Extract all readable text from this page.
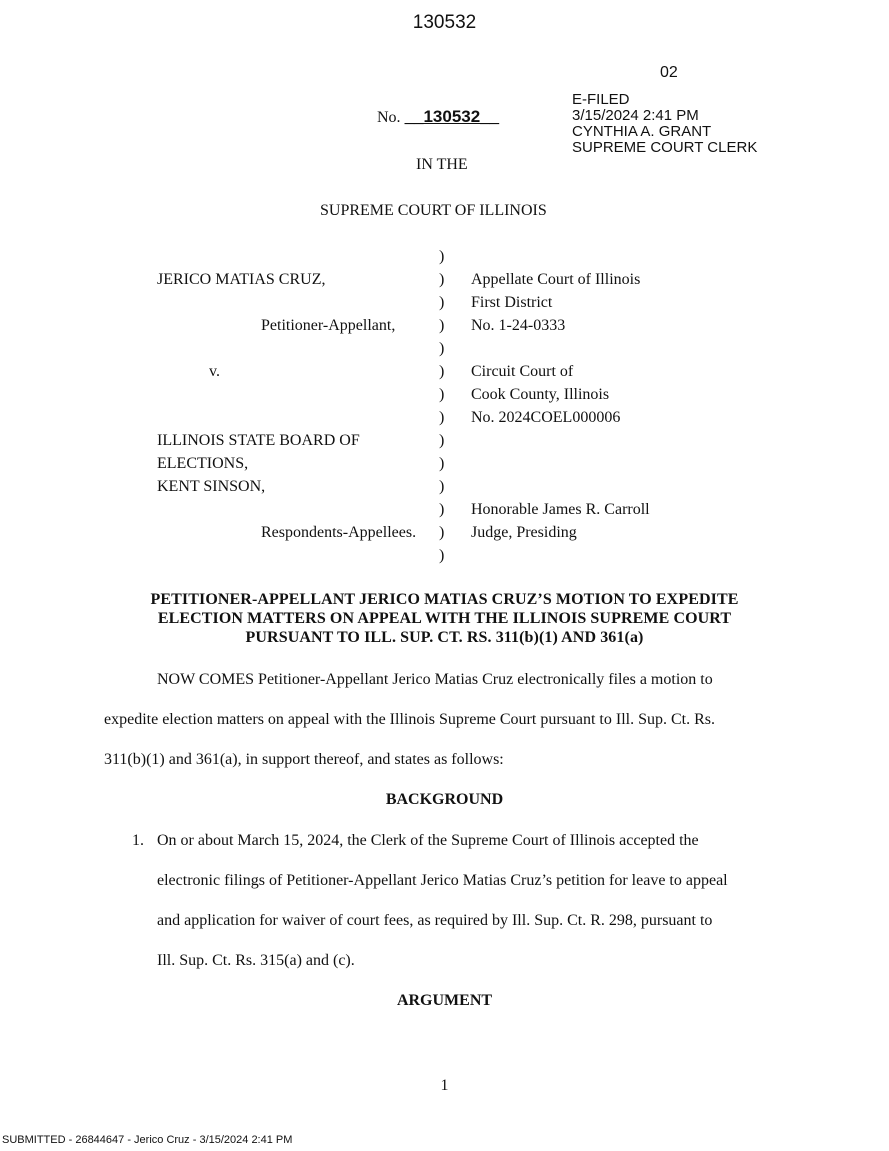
130532
02
No. __130532__
E-FILED
3/15/2024 2:41 PM
CYNTHIA A. GRANT
SUPREME COURT CLERK
IN THE
SUPREME COURT OF ILLINOIS
)
)
)
)
)
)
)
)
)
)
)
)
)
)
JERICO MATIAS CRUZ,
Petitioner-Appellant,
v.
ILLINOIS STATE BOARD OF
ELECTIONS,
KENT SINSON,
Respondents-Appellees.
Appellate Court of Illinois
First District
No. 1-24-0333
Circuit Court of
Cook County, Illinois
No. 2024COEL000006
Honorable James R. Carroll
Judge, Presiding
PETITIONER-APPELLANT JERICO MATIAS CRUZ’S MOTION TO EXPEDITE
ELECTION MATTERS ON APPEAL WITH THE ILLINOIS SUPREME COURT
PURSUANT TO ILL. SUP. CT. RS. 311(b)(1) AND 361(a)
NOW COMES Petitioner-Appellant Jerico Matias Cruz electronically files a motion to
expedite election matters on appeal with the Illinois Supreme Court pursuant to Ill. Sup. Ct. Rs.
311(b)(1) and 361(a), in support thereof, and states as follows:
BACKGROUND
1. On or about March 15, 2024, the Clerk of the Supreme Court of Illinois accepted the
electronic filings of Petitioner-Appellant Jerico Matias Cruz’s petition for leave to appeal
and application for waiver of court fees, as required by Ill. Sup. Ct. R. 298, pursuant to
Ill. Sup. Ct. Rs. 315(a) and (c).
ARGUMENT
1
SUBMITTED - 26844647 - Jerico Cruz - 3/15/2024 2:41 PM
